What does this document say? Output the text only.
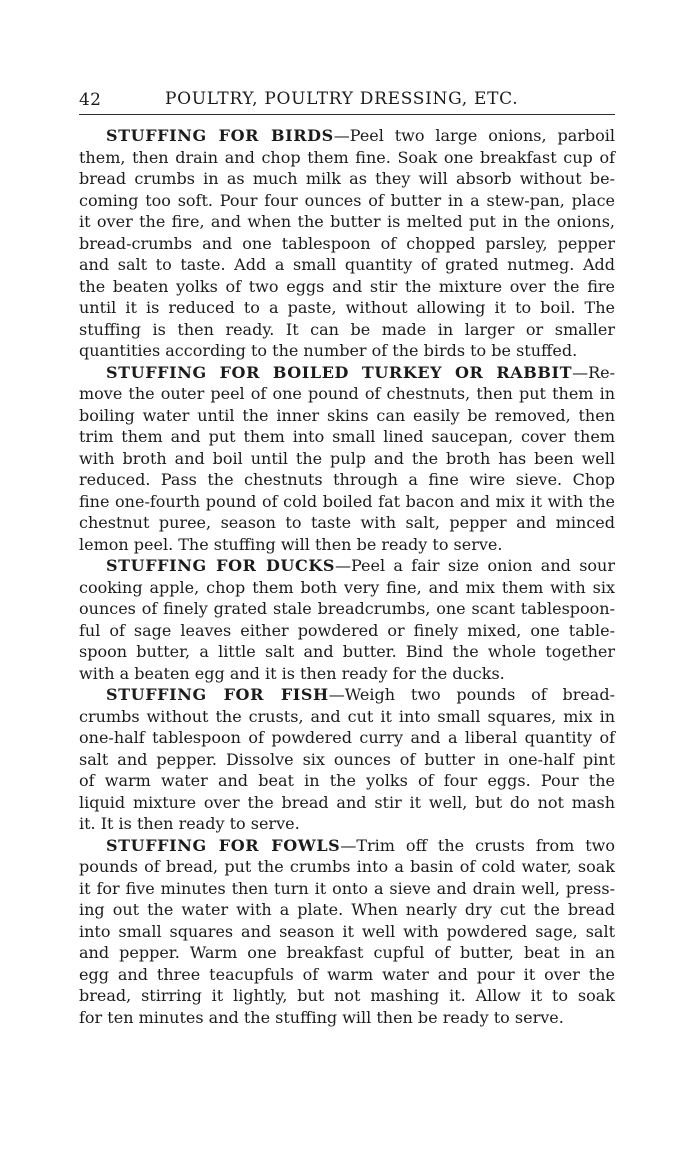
42	POULTRY, POULTRY DRESSING, ETC.
STUFFING FOR BIRDS—Peel two large onions, parboil
them, then drain and chop them fine. Soak one breakfast cup of
bread crumbs in as much milk as they will absorb without be-
coming too soft. Pour four ounces of butter in a stew-pan, place
it over the fire, and when the butter is melted put in the onions,
bread-crumbs and one tablespoon of chopped parsley, pepper
and salt to taste. Add a small quantity of grated nutmeg. Add
the beaten yolks of two eggs and stir the mixture over the fire
until it is reduced to a paste, without allowing it to boil. The
stuffing is then ready. It can be made in larger or smaller
quantities according to the number of the birds to be stuffed.
STUFFING FOR BOILED TURKEY OR RABBIT—Re-
move the outer peel of one pound of chestnuts, then put them in
boiling water until the inner skins can easily be removed, then
trim them and put them into small lined saucepan, cover them
with broth and boil until the pulp and the broth has been well
reduced. Pass the chestnuts through a fine wire sieve. Chop
fine one-fourth pound of cold boiled fat bacon and mix it with the
chestnut puree, season to taste with salt, pepper and minced
lemon peel. The stuffing will then be ready to serve.
STUFFING FOR DUCKS—Peel a fair size onion and sour
cooking apple, chop them both very fine, and mix them with six
ounces of finely grated stale breadcrumbs, one scant tablespoon-
ful of sage leaves either powdered or finely mixed, one table-
spoon butter, a little salt and butter. Bind the whole together
with a beaten egg and it is then ready for the ducks.
STUFFING FOR FISH—Weigh two pounds of bread-
crumbs without the crusts, and cut it into small squares, mix in
one-half tablespoon of powdered curry and a liberal quantity of
salt and pepper. Dissolve six ounces of butter in one-half pint
of warm water and beat in the yolks of four eggs. Pour the
liquid mixture over the bread and stir it well, but do not mash
it. It is then ready to serve.
STUFFING FOR FOWLS—Trim off the crusts from two
pounds of bread, put the crumbs into a basin of cold water, soak
it for five minutes then turn it onto a sieve and drain well, press-
ing out the water with a plate. When nearly dry cut the bread
into small squares and season it well with powdered sage, salt
and pepper. Warm one breakfast cupful of butter, beat in an
egg and three teacupfuls of warm water and pour it over the
bread, stirring it lightly, but not mashing it. Allow it to soak
for ten minutes and the stuffing will then be ready to serve.
